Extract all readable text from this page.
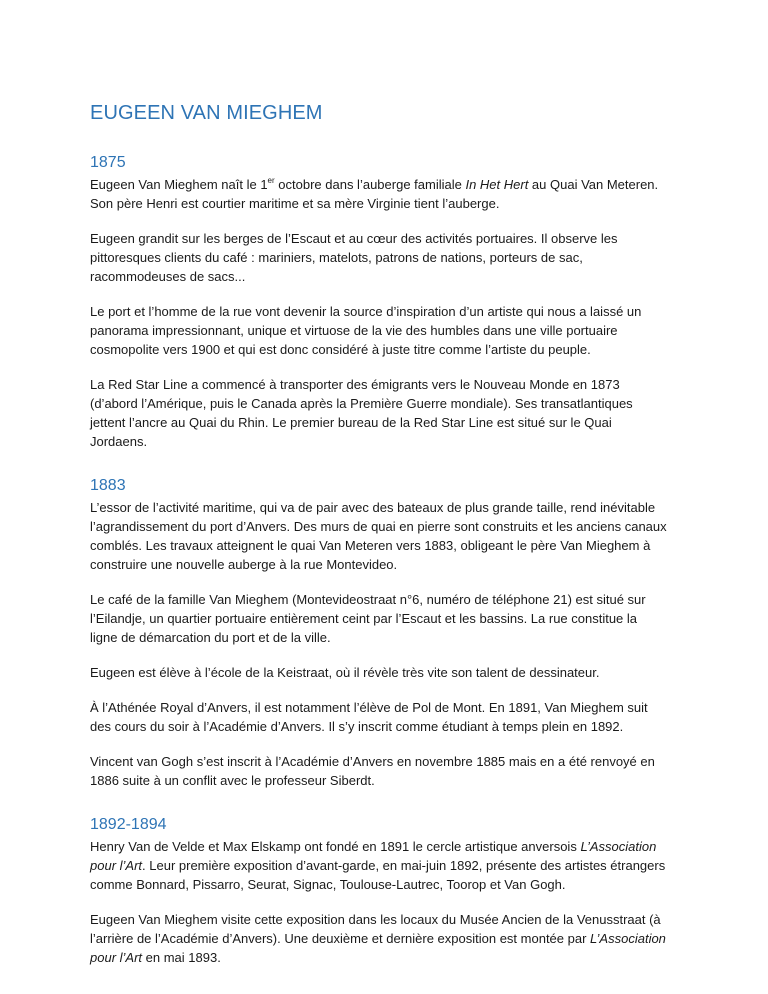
EUGEEN VAN MIEGHEM
1875

Eugeen Van Mieghem naît le 1er octobre dans l’auberge familiale In Het Hert au Quai Van Meteren. Son père Henri est courtier maritime et sa mère Virginie tient l’auberge.

Eugeen grandit sur les berges de l’Escaut et au cœur des activités portuaires. Il observe les pittoresques clients du café : mariniers, matelots, patrons de nations, porteurs de sac, racommodeuses de sacs...

Le port et l’homme de la rue vont devenir la source d’inspiration d’un artiste qui nous a laissé un panorama impressionnant, unique et virtuose de la vie des humbles dans une ville portuaire cosmopolite vers 1900 et qui est donc considéré à juste titre comme l’artiste du peuple.

La Red Star Line a commencé à transporter des émigrants vers le Nouveau Monde en 1873 (d’abord l’Amérique, puis le Canada après la Première Guerre mondiale). Ses transatlantiques jettent l’ancre au Quai du Rhin. Le premier bureau de la Red Star Line est situé sur le Quai Jordaens.

1883

L’essor de l’activité maritime, qui va de pair avec des bateaux de plus grande taille, rend inévitable l’agrandissement du port d’Anvers. Des murs de quai en pierre sont construits et les anciens canaux comblés. Les travaux atteignent le quai Van Meteren vers 1883, obligeant le père Van Mieghem à construire une nouvelle auberge à la rue Montevideo.

Le café de la famille Van Mieghem (Montevideostraat n°6, numéro de téléphone 21) est situé sur l’Eilandje, un quartier portuaire entièrement ceint par l’Escaut et les bassins. La rue constitue la ligne de démarcation du port et de la ville.

Eugeen est élève à l’école de la Keistraat, où il révèle très vite son talent de dessinateur.

À l’Athénée Royal d’Anvers, il est notamment l’élève de Pol de Mont. En 1891, Van Mieghem suit des cours du soir à l’Académie d’Anvers. Il s’y inscrit comme étudiant à temps plein en 1892.

Vincent van Gogh s’est inscrit à l’Académie d’Anvers en novembre 1885 mais en a été renvoyé en 1886 suite à un conflit avec le professeur Siberdt.

1892-1894

Henry Van de Velde et Max Elskamp ont fondé en 1891 le cercle artistique anversois L’Association pour l’Art. Leur première exposition d’avant-garde, en mai-juin 1892, présente des artistes étrangers comme Bonnard, Pissarro, Seurat, Signac, Toulouse-Lautrec, Toorop et Van Gogh.

Eugeen Van Mieghem visite cette exposition dans les locaux du Musée Ancien de la Venusstraat (à l’arrière de l’Académie d’Anvers). Une deuxième et dernière exposition est montée par L’Association pour l’Art en mai 1893.
